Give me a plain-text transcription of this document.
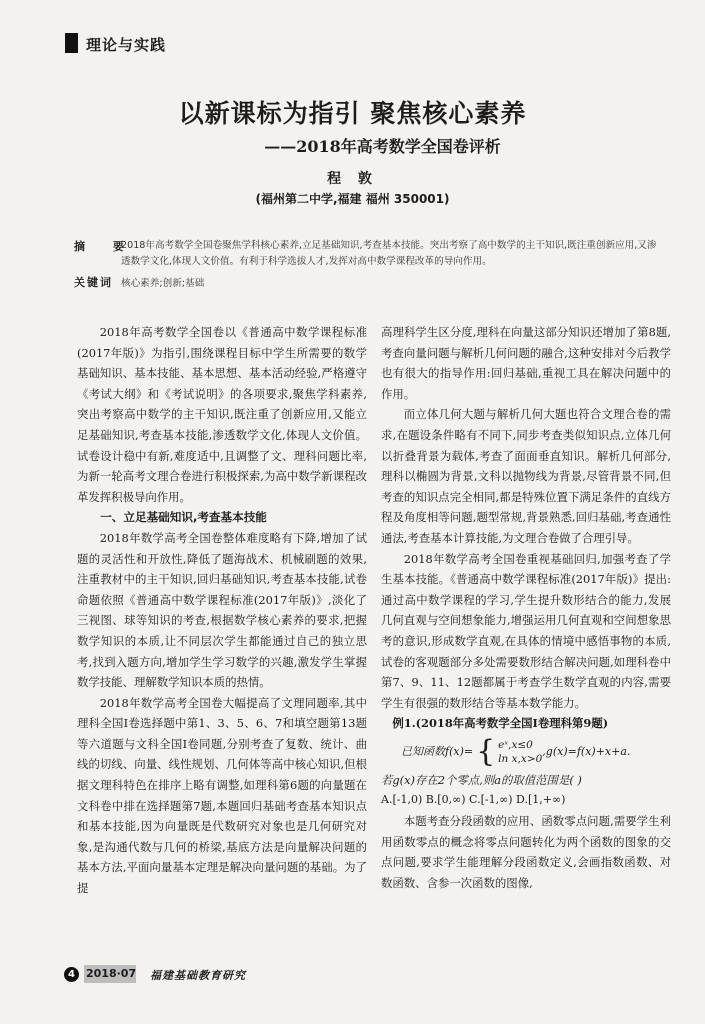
理论与实践
以新课标为指引 聚焦核心素养
——2018年高考数学全国卷评析
程 敦
(福州第二中学,福建 福州 350001)
摘 要
2018年高考数学全国卷聚焦学科核心素养,立足基础知识,考查基本技能。突出考察了高中数学的主干知识,既注重创新应用,又渗透数学文化,体现人文价值。有利于科学选拔人才,发挥对高中数学课程改革的导向作用。
关键词 核心素养;创新;基础

2018年高考数学全国卷以《普通高中数学课程标准(2017年版)》为指引,围绕课程目标中学生所需要的数学基础知识、基本技能、基本思想、基本活动经验,严格遵守《考试大纲》和《考试说明》的各项要求,聚焦学科素养,突出考察高中数学的主干知识,既注重了创新应用,又能立足基础知识,考查基本技能,渗透数学文化,体现人文价值。试卷设计稳中有新,难度适中,且调整了文、理科问题比率,为新一轮高考文理合卷进行积极探索,为高中数学新课程改革发挥积极导向作用。

一、立足基础知识,考查基本技能

2018年数学高考全国卷整体难度略有下降,增加了试题的灵活性和开放性,降低了题海战术、机械刷题的效果,注重教材中的主干知识,回归基础知识,考查基本技能,试卷命题依照《普通高中数学课程标准(2017年版)》,淡化了三视图、球等知识的考查,根据数学核心素养的要求,把握数学知识的本质,让不同层次学生都能通过自己的独立思考,找到入题方向,增加学生学习数学的兴趣,激发学生掌握数学技能、理解数学知识本质的热情。

2018年数学高考全国卷大幅提高了文理同题率,其中理科全国Ⅰ卷选择题中第1、3、5、6、7和填空题第13题等六道题与文科全国Ⅰ卷同题,分别考查了复数、统计、曲线的切线、向量、线性规划、几何体等高中核心知识,但根据文理科特色在排序上略有调整,如理科第6题的向量题在文科卷中排在选择题第7题,本题回归基础考查基本知识点和基本技能,因为向量既是代数研究对象也是几何研究对象,是沟通代数与几何的桥梁,基底方法是向量解决问题的基本方法,平面向量基本定理是解决向量问题的基础。为了提

高理科学生区分度,理科在向量这部分知识还增加了第8题,考查向量问题与解析几何问题的融合,这种安排对今后教学也有很大的指导作用:回归基础,重视工具在解决问题中的作用。

而立体几何大题与解析几何大题也符合文理合卷的需求,在题设条件略有不同下,同步考查类似知识点,立体几何以折叠背景为载体,考查了面面垂直知识。解析几何部分,理科以椭圆为背景,文科以抛物线为背景,尽管背景不同,但考查的知识点完全相同,都是特殊位置下满足条件的直线方程及角度相等问题,题型常规,背景熟悉,回归基础,考查通性通法,考查基本计算技能,为文理合卷做了合理引导。

2018年数学高考全国卷重视基础回归,加强考查了学生基本技能。《普通高中数学课程标准(2017年版)》提出:通过高中数学课程的学习,学生提升数形结合的能力,发展几何直观与空间想象能力,增强运用几何直观和空间想象思考的意识,形成数学直观,在具体的情境中感悟事物的本质,试卷的客观题部分多处需要数形结合解决问题,如理科卷中第7、9、11、12题都属于考查学生数学直观的内容,需要学生有很强的数形结合等基本数学能力。

例1.(2018年高考数学全国Ⅰ卷理科第9题)

已知函数f(x)= { eˣ,x≤0
ln x,x>0
,g(x)=f(x)+x+a.

若g(x)存在2个零点,则a的取值范围是( )

A.[-1,0) B.[0,∞) C.[-1,∞) D.[1,+∞)

本题考查分段函数的应用、函数零点问题,需要学生利用函数零点的概念将零点问题转化为两个函数的图象的交点问题,要求学生能理解分段函数定义,会画指数函数、对数函数、含参一次函数的图像,

4	2018·07 福建基础教育研究
